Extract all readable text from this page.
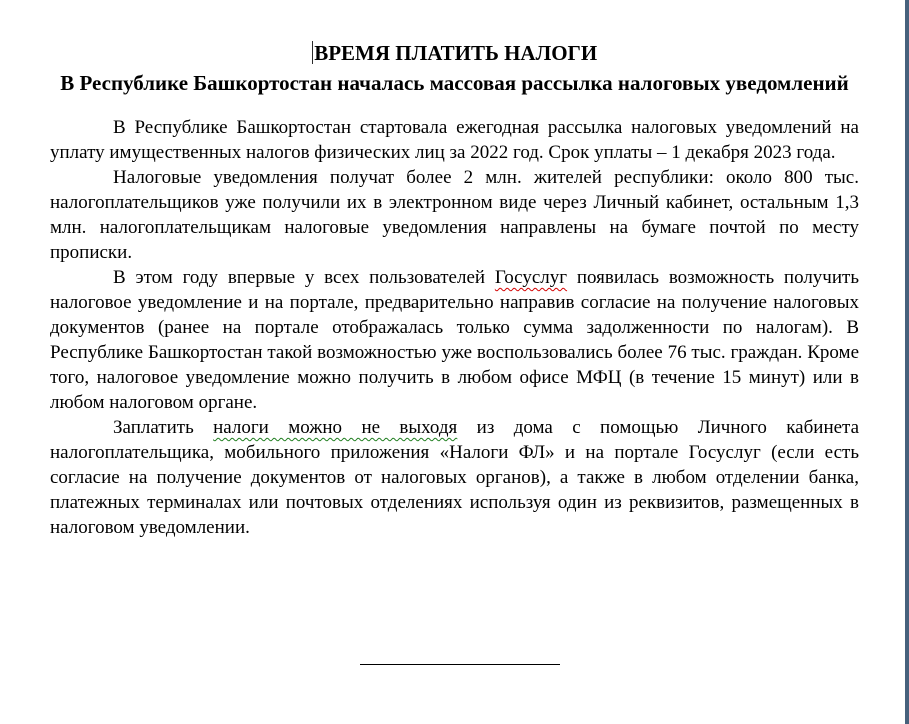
ВРЕМЯ ПЛАТИТЬ НАЛОГИ
В Республике Башкортостан началась массовая рассылка налоговых уведомлений

В Республике Башкортостан стартовала ежегодная рассылка налоговых уведомлений на уплату имущественных налогов физических лиц за 2022 год. Срок уплаты – 1 декабря 2023 года.

Налоговые уведомления получат более 2 млн. жителей республики: около 800 тыс. налогоплательщиков уже получили их в электронном виде через Личный кабинет, остальным 1,3 млн. налогоплательщикам налоговые уведомления направлены на бумаге почтой по месту прописки.

В этом году впервые у всех пользователей Госуслуг появилась возможность получить налоговое уведомление и на портале, предварительно направив согласие на получение налоговых документов (ранее на портале отображалась только сумма задолженности по налогам). В Республике Башкортостан такой возможностью уже воспользовались более 76 тыс. граждан. Кроме того, налоговое уведомление можно получить в любом офисе МФЦ (в течение 15 минут) или в любом налоговом органе.

Заплатить налоги можно не выходя из дома с помощью Личного кабинета налогоплательщика, мобильного приложения «Налоги ФЛ» и на портале Госуслуг (если есть согласие на получение документов от налоговых органов), а также в любом отделении банка, платежных терминалах или почтовых отделениях используя один из реквизитов, размещенных в налоговом уведомлении.
